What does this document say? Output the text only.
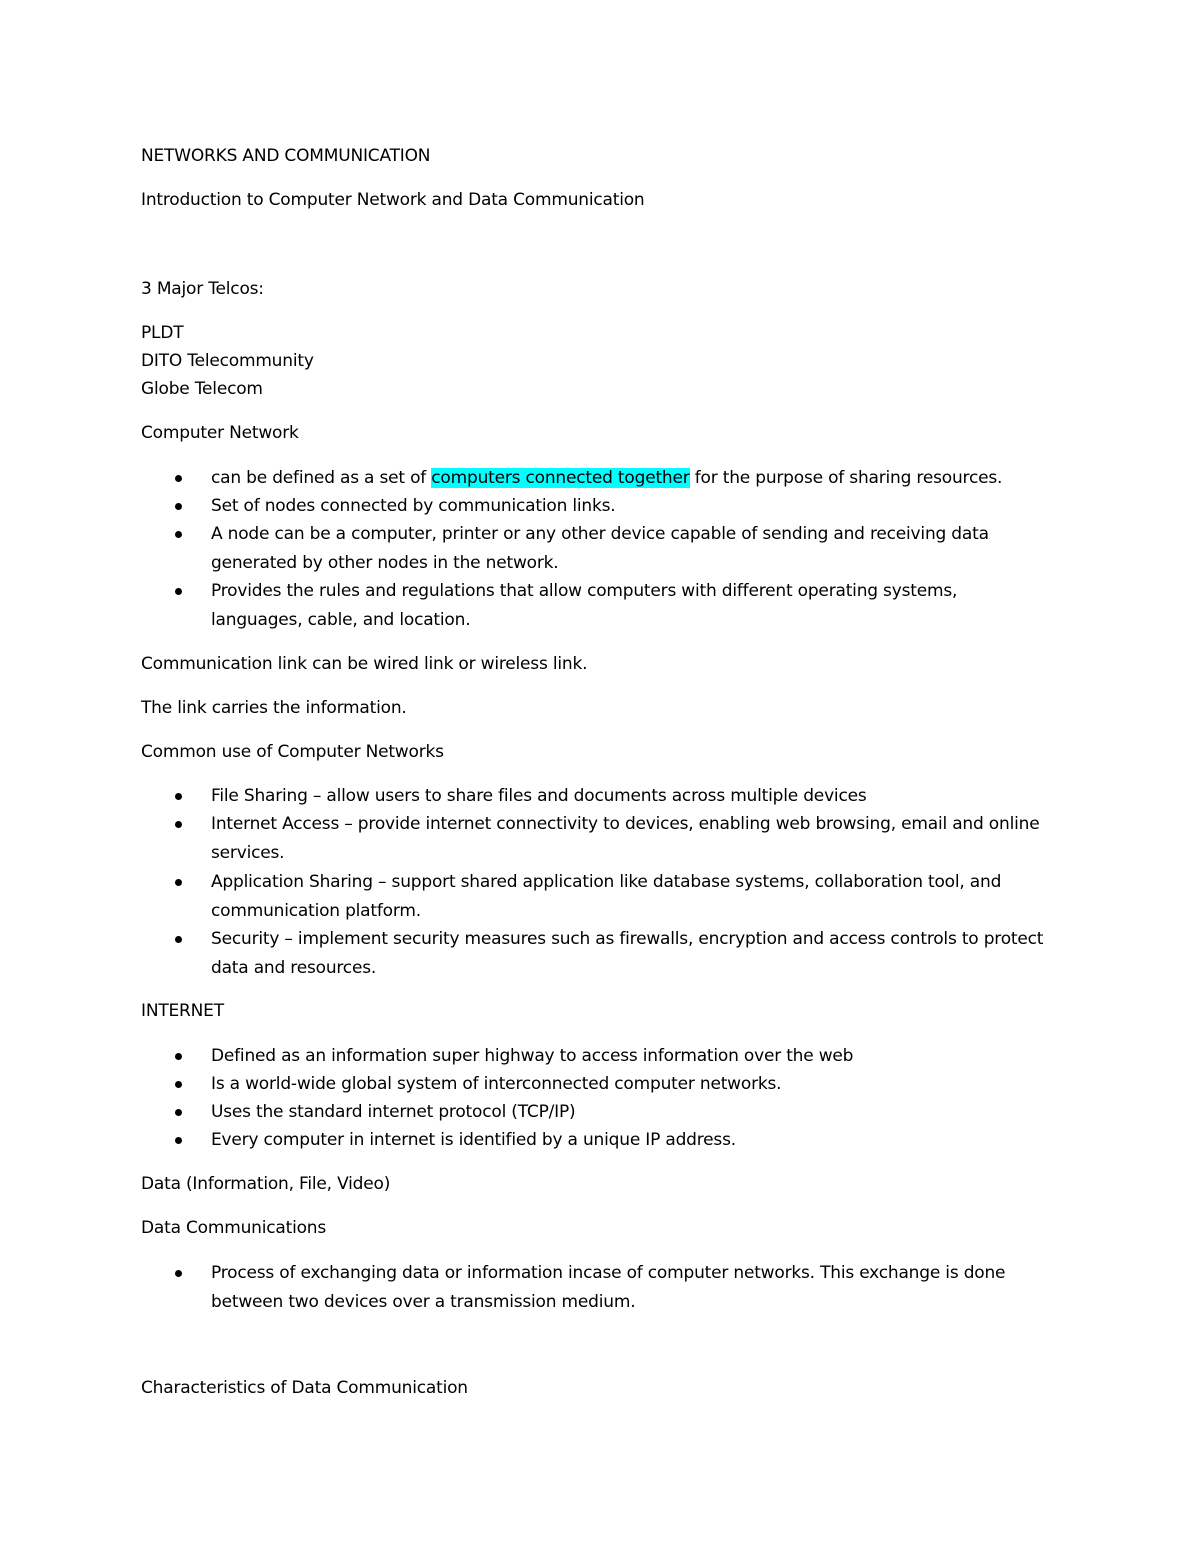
NETWORKS AND COMMUNICATION

Introduction to Computer Network and Data Communication

3 Major Telcos:

PLDT

DITO Telecommunity

Globe Telecom

Computer Network

can be defined as a set of computers connected together for the purpose of sharing resources.
Set of nodes connected by communication links.
A node can be a computer, printer or any other device capable of sending and receiving data generated by other nodes in the network.
Provides the rules and regulations that allow computers with different operating systems, languages, cable, and location.

Communication link can be wired link or wireless link.

The link carries the information.

Common use of Computer Networks

File Sharing – allow users to share files and documents across multiple devices
Internet Access – provide internet connectivity to devices, enabling web browsing, email and online services.
Application Sharing – support shared application like database systems, collaboration tool, and communication platform.
Security – implement security measures such as firewalls, encryption and access controls to protect data and resources.

INTERNET

Defined as an information super highway to access information over the web
Is a world-wide global system of interconnected computer networks.
Uses the standard internet protocol (TCP/IP)
Every computer in internet is identified by a unique IP address.

Data (Information, File, Video)

Data Communications

Process of exchanging data or information incase of computer networks. This exchange is done between two devices over a transmission medium.

Characteristics of Data Communication
